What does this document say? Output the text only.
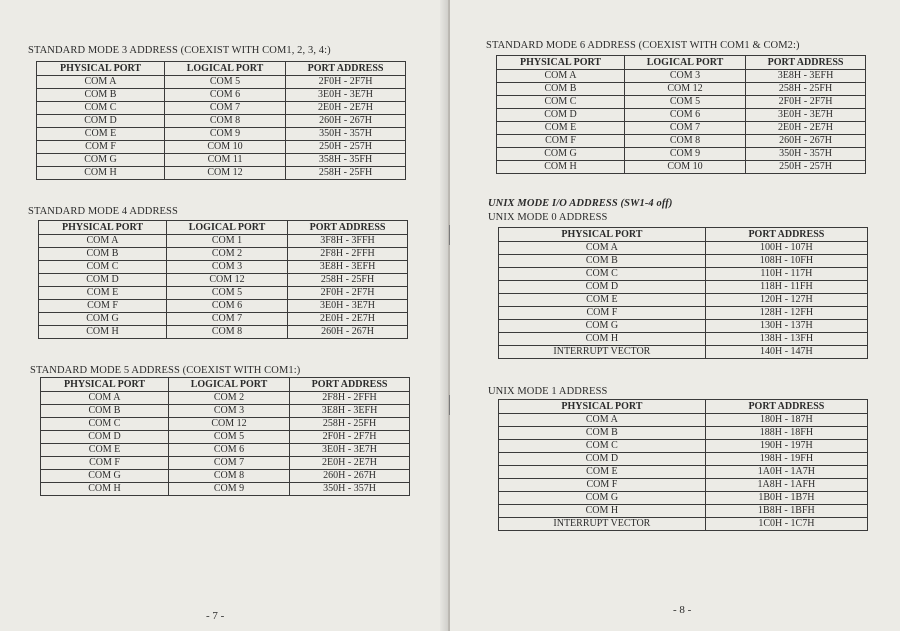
STANDARD MODE 3 ADDRESS (COEXIST WITH COM1, 2, 3, 4:)
PHYSICAL PORT	LOGICAL PORT	PORT ADDRESS
COM A	COM 5	2F0H - 2F7H
COM B	COM 6	3E0H - 3E7H
COM C	COM 7	2E0H - 2E7H
COM D	COM 8	260H - 267H
COM E	COM 9	350H - 357H
COM F	COM 10	250H - 257H
COM G	COM 11	358H - 35FH
COM H	COM 12	258H - 25FH
STANDARD MODE 4 ADDRESS
PHYSICAL PORT	LOGICAL PORT	PORT ADDRESS
COM A	COM 1	3F8H - 3FFH
COM B	COM 2	2F8H - 2FFH
COM C	COM 3	3E8H - 3EFH
COM D	COM 12	258H - 25FH
COM E	COM 5	2F0H - 2F7H
COM F	COM 6	3E0H - 3E7H
COM G	COM 7	2E0H - 2E7H
COM H	COM 8	260H - 267H
STANDARD MODE 5 ADDRESS (COEXIST WITH COM1:)
PHYSICAL PORT	LOGICAL PORT	PORT ADDRESS
COM A	COM 2	2F8H - 2FFH
COM B	COM 3	3E8H - 3EFH
COM C	COM 12	258H - 25FH
COM D	COM 5	2F0H - 2F7H
COM E	COM 6	3E0H - 3E7H
COM F	COM 7	2E0H - 2E7H
COM G	COM 8	260H - 267H
COM H	COM 9	350H - 357H
- 7 -
STANDARD MODE 6 ADDRESS (COEXIST WITH COM1 & COM2:)
PHYSICAL PORT	LOGICAL PORT	PORT ADDRESS
COM A	COM 3	3E8H - 3EFH
COM B	COM 12	258H - 25FH
COM C	COM 5	2F0H - 2F7H
COM D	COM 6	3E0H - 3E7H
COM E	COM 7	2E0H - 2E7H
COM F	COM 8	260H - 267H
COM G	COM 9	350H - 357H
COM H	COM 10	250H - 257H
UNIX MODE I/O ADDRESS (SW1-4 off)
UNIX MODE 0 ADDRESS
PHYSICAL PORT	PORT ADDRESS
COM A	100H - 107H
COM B	108H - 10FH
COM C	110H - 117H
COM D	118H - 11FH
COM E	120H - 127H
COM F	128H - 12FH
COM G	130H - 137H
COM H	138H - 13FH
INTERRUPT VECTOR	140H - 147H
UNIX MODE 1 ADDRESS
PHYSICAL PORT	PORT ADDRESS
COM A	180H - 187H
COM B	188H - 18FH
COM C	190H - 197H
COM D	198H - 19FH
COM E	1A0H - 1A7H
COM F	1A8H - 1AFH
COM G	1B0H - 1B7H
COM H	1B8H - 1BFH
INTERRUPT VECTOR	1C0H - 1C7H
- 8 -
